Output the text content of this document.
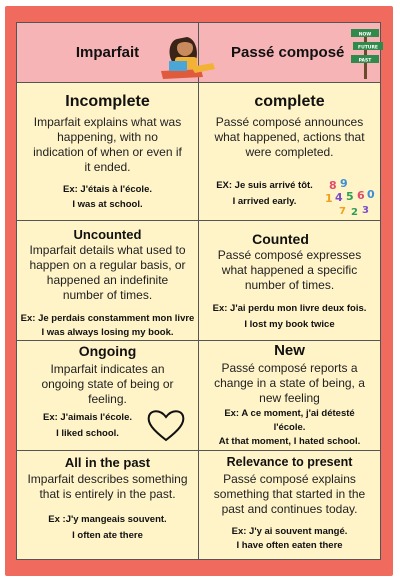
Imparfait	Passé composé
NOW
FUTURE
PAST
Incomplete
Imparfait explains what was happening, with no indication of when or even if it ended.
Ex: J'étais à l'école.
I was at school.
complete
Passé composé announces what happened, actions that were completed.
EX: Je suis arrivé tôt.
I arrived early.
8 9
1 4 5 6 0
7 2 3
Uncounted
Imparfait details what used to happen on a regular basis, or happened an indefinite number of times.
Ex: Je perdais constamment mon livre
I was always losing my book.
Counted
Passé composé expresses what happened a specific number of times.
Ex: J'ai perdu mon livre deux fois.
I lost my book twice
Ongoing
Imparfait indicates an ongoing state of being or feeling.
Ex: J'aimais l'école.
I liked school.
New
Passé composé reports a change in a state of being, a new feeling
Ex: A ce moment, j'ai détesté
l'école.
At that moment, I hated school.
All in the past
Imparfait describes something that is entirely in the past.
Ex :J'y mangeais souvent.
I often ate there
Relevance to present
Passé composé explains something that started in the past and continues today.
Ex: J'y ai souvent mangé.
I have often eaten there
